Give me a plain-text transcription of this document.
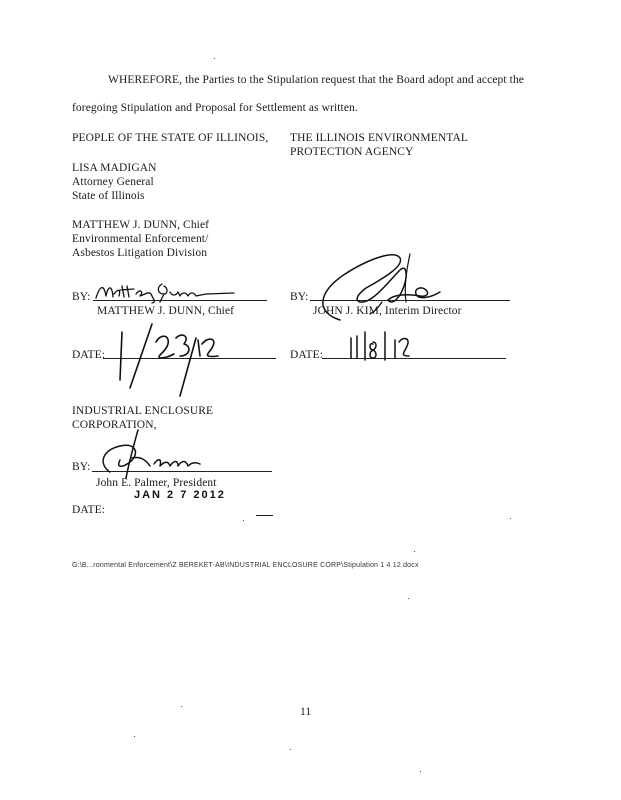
WHEREFORE, the Parties to the Stipulation request that the Board adopt and accept the
foregoing Stipulation and Proposal for Settlement as written.
PEOPLE OF THE STATE OF ILLINOIS, THE ILLINOIS ENVIRONMENTAL
PROTECTION AGENCY
LISA MADIGAN
Attorney General
State of Illinois
MATTHEW J. DUNN, Chief
Environmental Enforcement/
Asbestos Litigation Division
BY:
MATTHEW J. DUNN, Chief
BY:
JOHN J. KIM, Interim Director
DATE:	DATE:
INDUSTRIAL ENCLOSURE
CORPORATION,
BY:
John E. Palmer, President
JAN 2 7 2012
DATE:
G:\B...ronmental Enforcement\Z BEREKET-AB\INDUSTRIAL ENCLOSURE CORP\Stipulation 1 4 12.docx
11
